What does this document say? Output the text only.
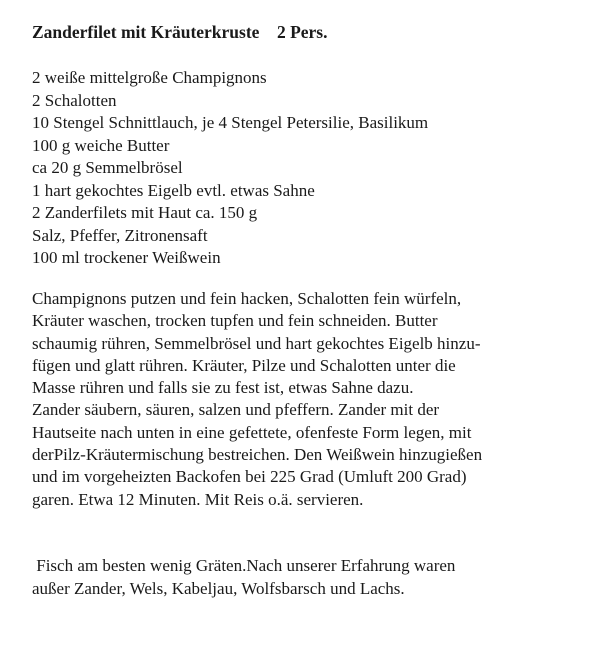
Zanderfilet mit Kräuterkruste    2 Pers.
2 weiße mittelgroße Champignons
2 Schalotten
10 Stengel Schnittlauch, je 4 Stengel Petersilie, Basilikum
100 g weiche Butter
ca 20 g Semmelbrösel
1 hart gekochtes Eigelb evtl. etwas Sahne
2 Zanderfilets mit Haut ca. 150 g
Salz, Pfeffer, Zitronensaft
100 ml trockener Weißwein
Champignons putzen und fein hacken, Schalotten fein würfeln,
Kräuter waschen, trocken tupfen und fein schneiden. Butter
schaumig rühren, Semmelbrösel und hart gekochtes Eigelb hinzu-
fügen und glatt rühren. Kräuter, Pilze und Schalotten unter die
Masse rühren und falls sie zu fest ist, etwas Sahne dazu.
Zander säubern, säuren, salzen und pfeffern. Zander mit der
Hautseite nach unten in eine gefettete, ofenfeste Form legen, mit
derPilz-Kräutermischung bestreichen. Den Weißwein hinzugießen
und im vorgeheizten Backofen bei 225 Grad (Umluft 200 Grad)
garen. Etwa 12 Minuten. Mit Reis o.ä. servieren.
Fisch am besten wenig Gräten.Nach unserer Erfahrung waren
außer Zander, Wels, Kabeljau, Wolfsbarsch und Lachs.
